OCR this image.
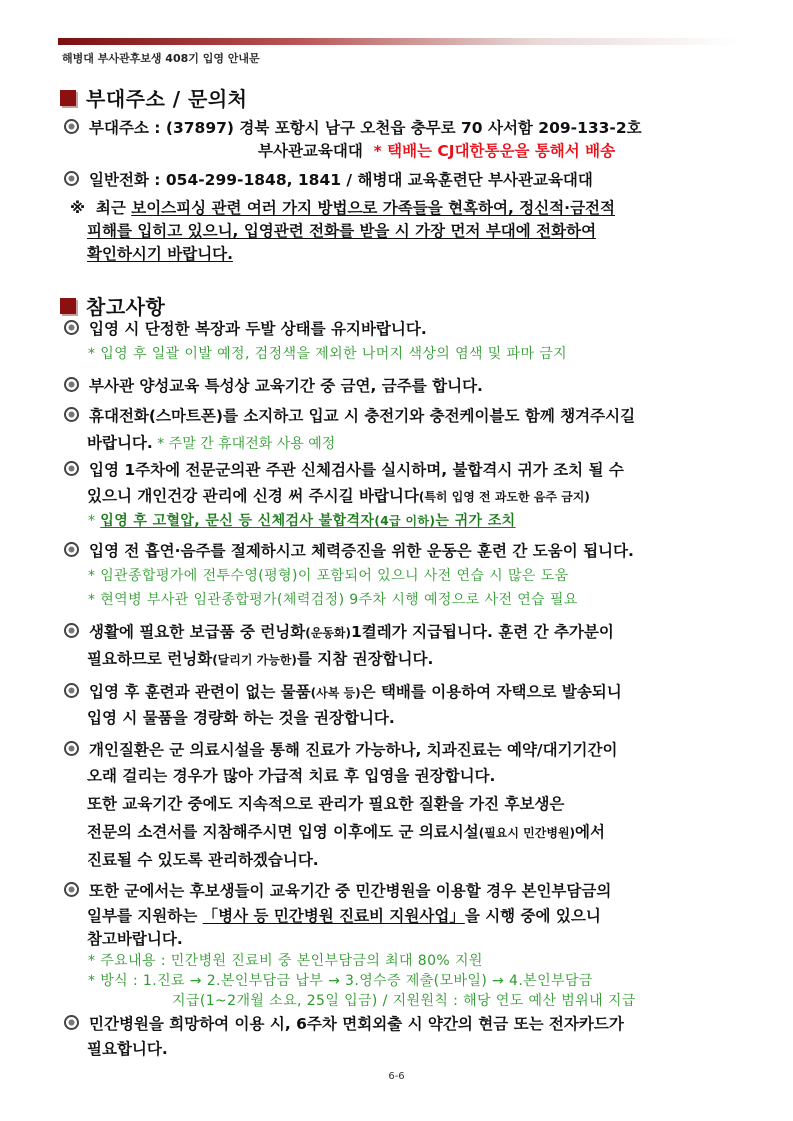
해병대 부사관후보생 408기 입영 안내문
부대주소 / 문의처
부대주소 : (37897) 경북 포항시 남구 오천읍 충무로 70 사서함 209-133-2호
부사관교육대대 * 택배는 CJ대한통운을 통해서 배송
일반전화 : 054-299-1848, 1841 / 해병대 교육훈련단 부사관교육대대
※ 최근 보이스피싱 관련 여러 가지 방법으로 가족들을 현혹하여, 정신적·금전적
피해를 입히고 있으니, 입영관련 전화를 받을 시 가장 먼저 부대에 전화하여
확인하시기 바랍니다.
참고사항
입영 시 단정한 복장과 두발 상태를 유지바랍니다.
* 입영 후 일괄 이발 예정, 검정색을 제외한 나머지 색상의 염색 및 파마 금지
부사관 양성교육 특성상 교육기간 중 금연, 금주를 합니다.
휴대전화(스마트폰)를 소지하고 입교 시 충전기와 충전케이블도 함께 챙겨주시길
바랍니다. * 주말 간 휴대전화 사용 예정
입영 1주차에 전문군의관 주관 신체검사를 실시하며, 불합격시 귀가 조치 될 수
있으니 개인건강 관리에 신경 써 주시길 바랍니다(특히 입영 전 과도한 음주 금지)
* 입영 후 고혈압, 문신 등 신체검사 불합격자(4급 이하)는 귀가 조치
입영 전 흡연·음주를 절제하시고 체력증진을 위한 운동은 훈련 간 도움이 됩니다.
* 임관종합평가에 전투수영(평형)이 포함되어 있으니 사전 연습 시 많은 도움
* 현역병 부사관 임관종합평가(체력검정) 9주차 시행 예정으로 사전 연습 필요
생활에 필요한 보급품 중 런닝화(운동화)1켤레가 지급됩니다. 훈련 간 추가분이
필요하므로 런닝화(달리기 가능한)를 지참 권장합니다.
입영 후 훈련과 관련이 없는 물품(사복 등)은 택배를 이용하여 자택으로 발송되니
입영 시 물품을 경량화 하는 것을 권장합니다.
개인질환은 군 의료시설을 통해 진료가 가능하나, 치과진료는 예약/대기기간이
오래 걸리는 경우가 많아 가급적 치료 후 입영을 권장합니다.
또한 교육기간 중에도 지속적으로 관리가 필요한 질환을 가진 후보생은
전문의 소견서를 지참해주시면 입영 이후에도 군 의료시설(필요시 민간병원)에서
진료될 수 있도록 관리하겠습니다.
또한 군에서는 후보생들이 교육기간 중 민간병원을 이용할 경우 본인부담금의
일부를 지원하는 「병사 등 민간병원 진료비 지원사업」을 시행 중에 있으니
참고바랍니다.
* 주요내용 : 민간병원 진료비 중 본인부담금의 최대 80% 지원
* 방식 : 1.진료 → 2.본인부담금 납부 → 3.영수증 제출(모바일) → 4.본인부담금
지급(1~2개월 소요, 25일 입금) / 지원원칙 : 해당 연도 예산 범위내 지급
민간병원을 희망하여 이용 시, 6주차 면회외출 시 약간의 현금 또는 전자카드가
필요합니다.
6-6
